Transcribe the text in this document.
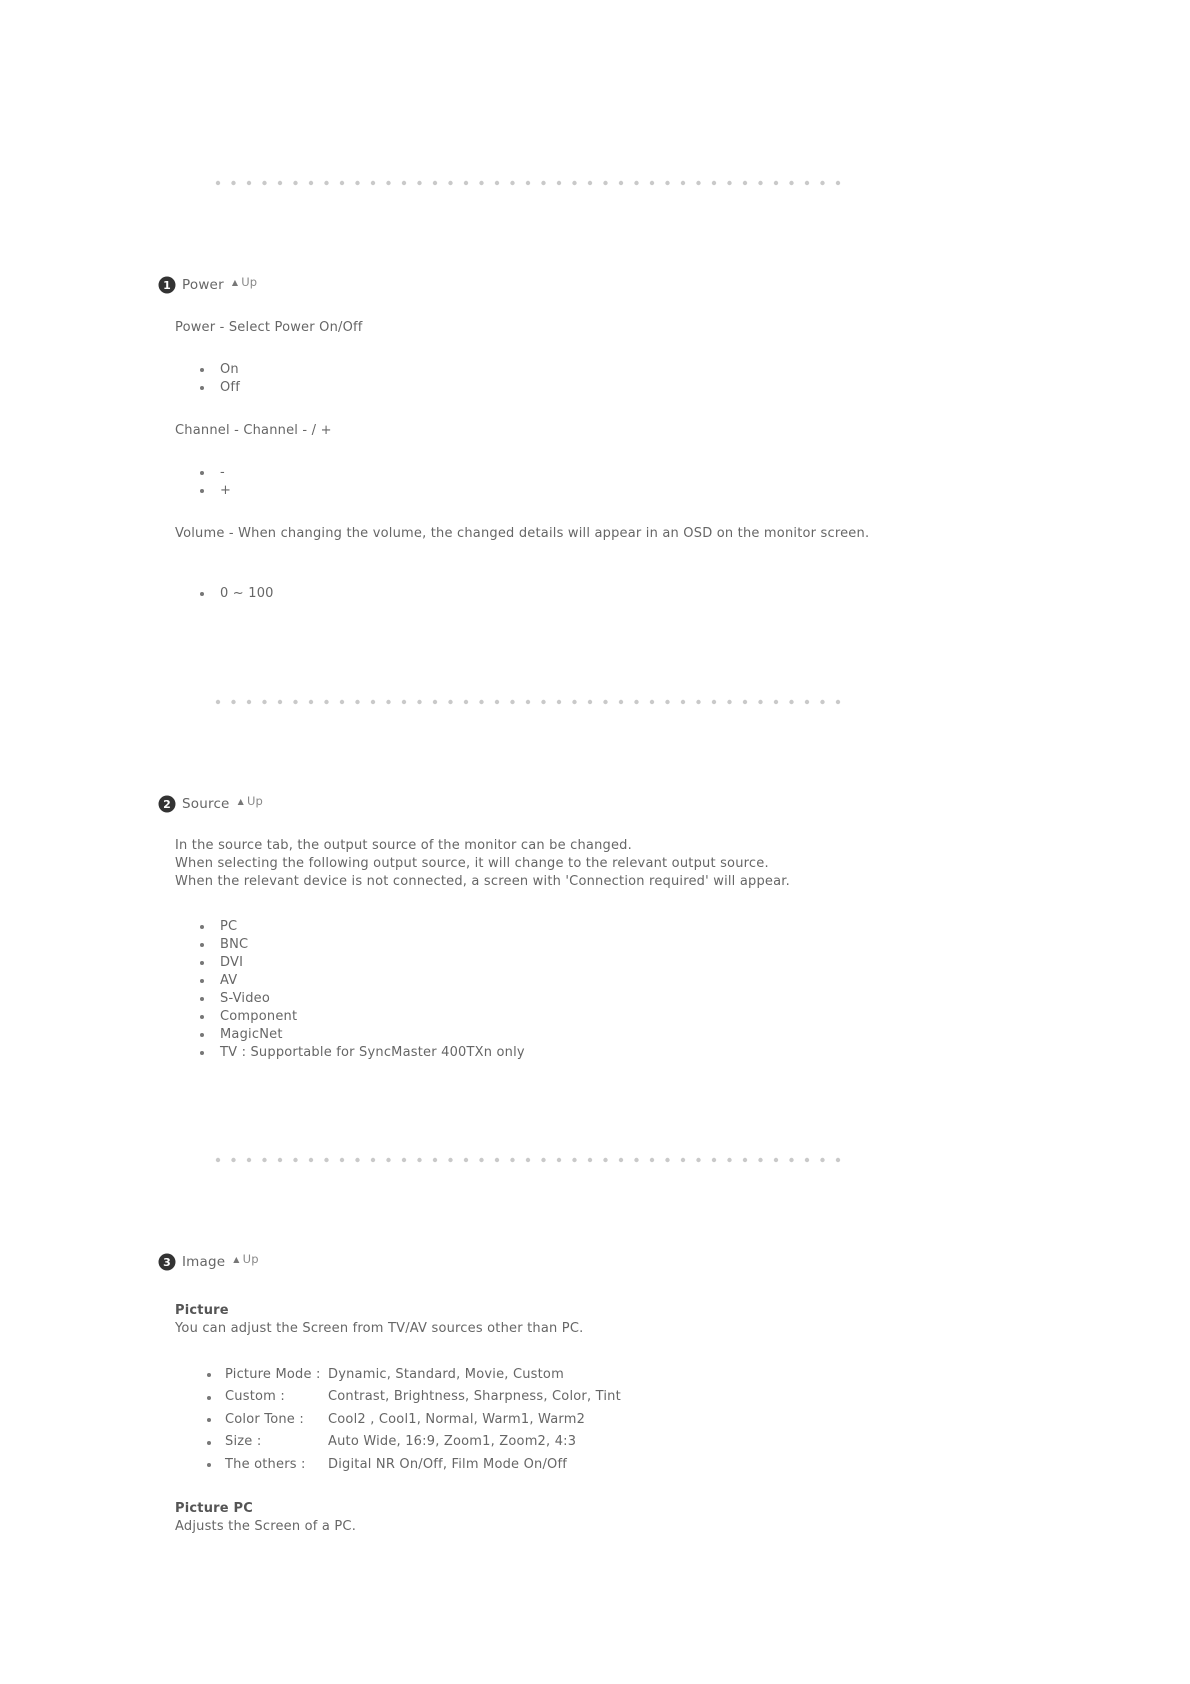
1 Power ▲ Up

Power - Select Power On/Off

On
Off

Channel - Channel - / +

-
+

Volume - When changing the volume, the changed details will appear in an OSD on the monitor screen.

0 ~ 100
2 Source ▲ Up
In the source tab, the output source of the monitor can be changed.
When selecting the following output source, it will change to the relevant output source.
When the relevant device is not connected, a screen with 'Connection required' will appear.
PC
BNC
DVI
AV
S-Video
Component
MagicNet
TV : Supportable for SyncMaster 400TXn only
3 Image ▲ Up
Picture

You can adjust the Screen from TV/AV sources other than PC.

Picture Mode :	Dynamic, Standard, Movie, Custom

Custom :	Contrast, Brightness, Sharpness, Color, Tint

Color Tone :	Cool2 , Cool1, Normal, Warm1, Warm2

Size :	Auto Wide, 16:9, Zoom1, Zoom2, 4:3

The others :	Digital NR On/Off, Film Mode On/Off
Picture PC

Adjusts the Screen of a PC.
